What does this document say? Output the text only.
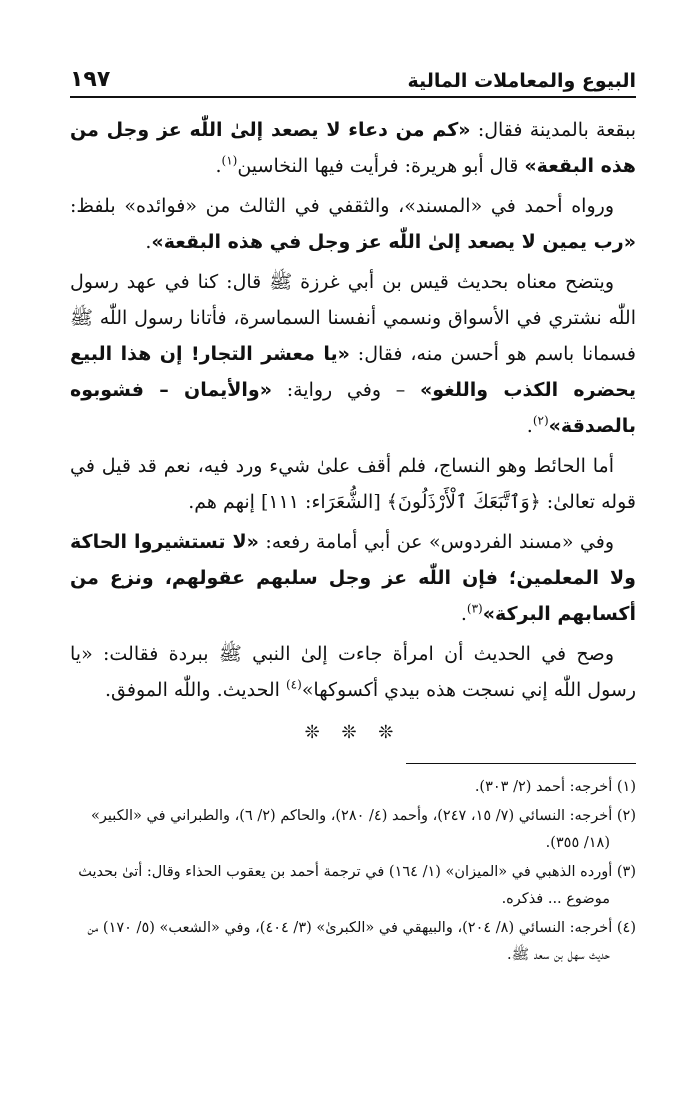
البيوع والمعاملات المالية
١٩٧

ببقعة بالمدينة فقال: «كم من دعاء لا يصعد إلىٰ اللّٰه عز وجل من هذه البقعة» قال أبو هريرة: فرأيت فيها النخاسين$^{(١)}$.

ورواه أحمد في «المسند»، والثقفي في الثالث من «فوائده» بلفظ: «رب يمين لا يصعد إلىٰ اللّٰه عز وجل في هذه البقعة».

ويتضح معناه بحديث قيس بن أبي غرزة ﷺ قال: كنا في عهد رسول اللّٰه نشتري في الأسواق ونسمي أنفسنا السماسرة، فأتانا رسول اللّٰه ﷺ فسمانا باسم هو أحسن منه، فقال: «يا معشر التجار! إن هذا البيع يحضره الكذب واللغو» – وفي رواية: «والأيمان – فشوبوه بالصدقة»$^{(٢)}$.

أما الحائط وهو النساج، فلم أقف علىٰ شيء ورد فيه، نعم قد قيل في قوله تعالىٰ: ﴿وَٱتَّبَعَكَ ٱلْأَرْذَلُونَ﴾ [الشُّعَرَاء: ١١١] إنهم هم.

وفي «مسند الفردوس» عن أبي أمامة رفعه: «لا تستشيروا الحاكة ولا المعلمين؛ فإن اللّٰه عز وجل سلبهم عقولهم، ونزع من أكسابهم البركة»$^{(٣)}$.

وصح في الحديث أن امرأة جاءت إلىٰ النبي ﷺ ببردة فقالت: «يا رسول اللّٰه إني نسجت هذه بيدي أكسوكها»$^{(٤)}$ الحديث. واللّٰه الموفق.

❊ ❊ ❊

(١) أخرجه: أحمد (٢/ ٣٠٣).

(٢) أخرجه: النسائي (٧/ ١٥، ٢٤٧)، وأحمد (٤/ ٢٨٠)، والحاكم (٢/ ٦)، والطبراني في «الكبير» (١٨/ ٣٥٥).

(٣) أورده الذهبي في «الميزان» (١/ ١٦٤) في ترجمة أحمد بن يعقوب الحذاء وقال: أتىٰ بحديث موضوع ... فذكره.

(٤) أخرجه: النسائي (٨/ ٢٠٤)، والبيهقي في «الكبرىٰ» (٣/ ٤٠٤)، وفي «الشعب» (٥/ ١٧٠) من حديث سهل بن سعد ﷺ.
